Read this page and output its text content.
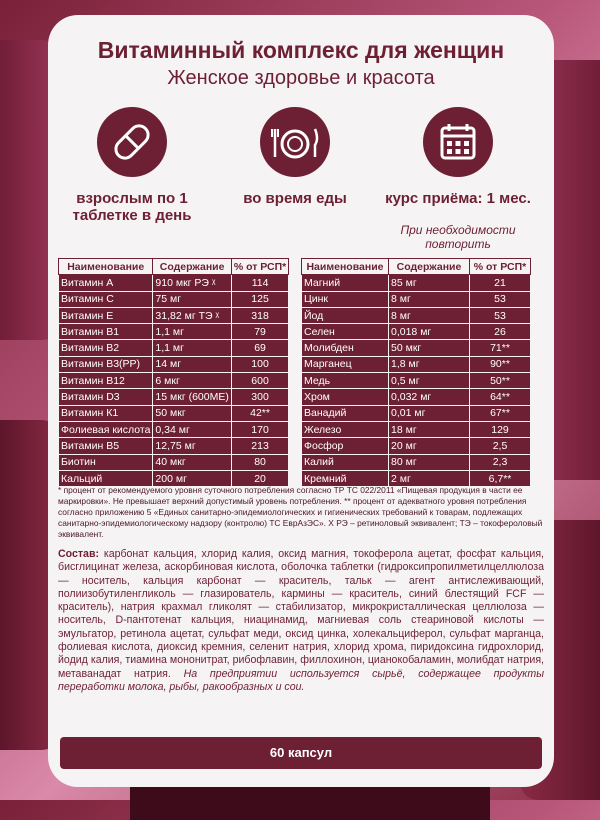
Витаминный комплекс для женщин
Женское здоровье и красота
взрослым по 1 таблетке в день
во время еды	курс приёма: 1 мес.
При необходимости повторить
Наименование	Содержание	% от РСП*
Витамин А	910 мкг РЭ ᵡ	114
Витамин С	75 мг	125
Витамин Е	31,82 мг ТЭ ᵡ	318
Витамин В1	1,1 мг	79
Витамин В2	1,1 мг	69
Витамин В3(РР)	14 мг	100
Витамин В12	6 мкг	600
Витамин D3	15 мкг (600МЕ)	300
Витамин К1	50 мкг	42**
Фолиевая кислота	0,34 мг	170
Витамин В5	12,75 мг	213
Биотин	40 мкг	80
Кальций	200 мг	20
Наименование	Содержание	% от РСП*
Магний	85 мг	21
Цинк	8 мг	53
Йод	8 мг	53
Селен	0,018 мг	26
Молибден	50 мкг	71**
Марганец	1,8 мг	90**
Медь	0,5 мг	50**
Хром	0,032 мг	64**
Ванадий	0,01 мг	67**
Железо	18 мг	129
Фосфор	20 мг	2,5
Калий	80 мг	2,3
Кремний	2 мг	6,7**
* процент от рекомендуемого уровня суточного потребления согласно ТР ТС 022/2011 «Пищевая продукция в части ее маркировки». Не превышает верхний допустимый уровень потребления. ** процент от адекватного уровня потребления согласно приложению 5 «Единых санитарно-эпидемиологических и гигиенических требований к товарам, подлежащих санитарно-эпидемиологическому надзору (контролю) ТС ЕврАзЭС». Х РЭ – ретиноловый эквивалент; ТЭ – токофероловый эквивалент.
Состав: карбонат кальция, хлорид калия, оксид магния, токоферола ацетат, фосфат кальция, бисглицинат железа, аскорбиновая кислота, оболочка таблетки (гидроксипропилметилцеллюлоза — носитель, кальция карбонат — краситель, тальк — агент антислеживающий, полиизобутиленгликоль — глазирователь, кармины — краситель, синий блестящий FCF — краситель), натрия крахмал гликолят — стабилизатор, микрокристаллическая целлюлоза — носитель, D-пантотенат кальция, ниацинамид, магниевая соль стеариновой кислоты — эмульгатор, ретинола ацетат, сульфат меди, оксид цинка, холекальциферол, сульфат марганца, фолиевая кислота, диоксид кремния, селенит натрия, хлорид хрома, пиридоксина гидрохлорид, йодид калия, тиамина мононитрат, рибофлавин, филлохинон, цианокобаламин, молибдат натрия, метаванадат натрия. На предприятии используется сырьё, содержащее продукты переработки молока, рыбы, ракообразных и сои.
60 капсул
